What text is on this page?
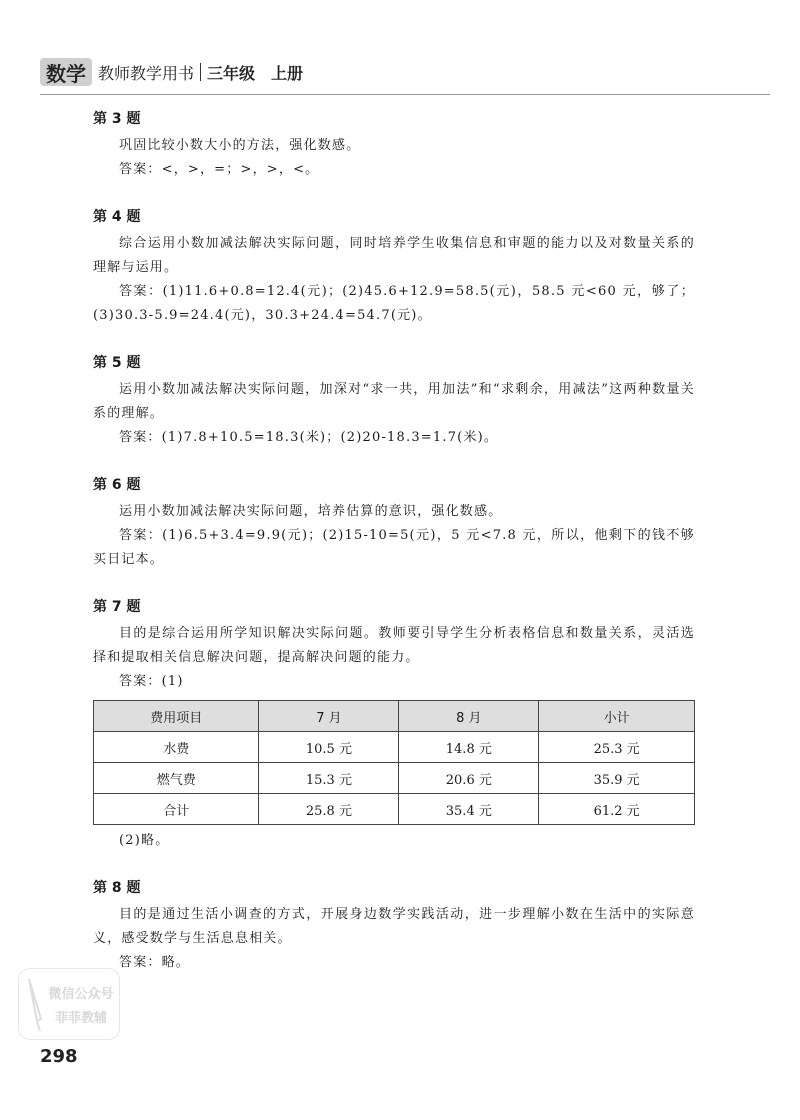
数学 教师教学用书 三年级　上册
第 3 题
巩固比较小数大小的方法，强化数感。
答案：<，>，=；>，>，<。
第 4 题
综合运用小数加减法解决实际问题，同时培养学生收集信息和审题的能力以及对数量关系的理解与运用。
答案：(1)11.6+0.8=12.4(元)；(2)45.6+12.9=58.5(元)，58.5 元<60 元，够了；(3)30.3-5.9=24.4(元)，30.3+24.4=54.7(元)。
第 5 题
运用小数加减法解决实际问题，加深对“求一共，用加法”和“求剩余，用减法”这两种数量关系的理解。
答案：(1)7.8+10.5=18.3(米)；(2)20-18.3=1.7(米)。
第 6 题
运用小数加减法解决实际问题，培养估算的意识，强化数感。
答案：(1)6.5+3.4=9.9(元)；(2)15-10=5(元)，5 元<7.8 元，所以，他剩下的钱不够买日记本。
第 7 题
目的是综合运用所学知识解决实际问题。教师要引导学生分析表格信息和数量关系，灵活选择和提取相关信息解决问题，提高解决问题的能力。
答案：(1)
费用项目	7 月	8 月	小计
水费	10.5 元	14.8 元	25.3 元
燃气费	15.3 元	20.6 元	35.9 元
合计	25.8 元	35.4 元	61.2 元
(2)略。
第 8 题
目的是通过生活小调查的方式，开展身边数学实践活动，进一步理解小数在生活中的实际意义，感受数学与生活息息相关。
答案：略。
微信公众号
菲菲教辅
298
